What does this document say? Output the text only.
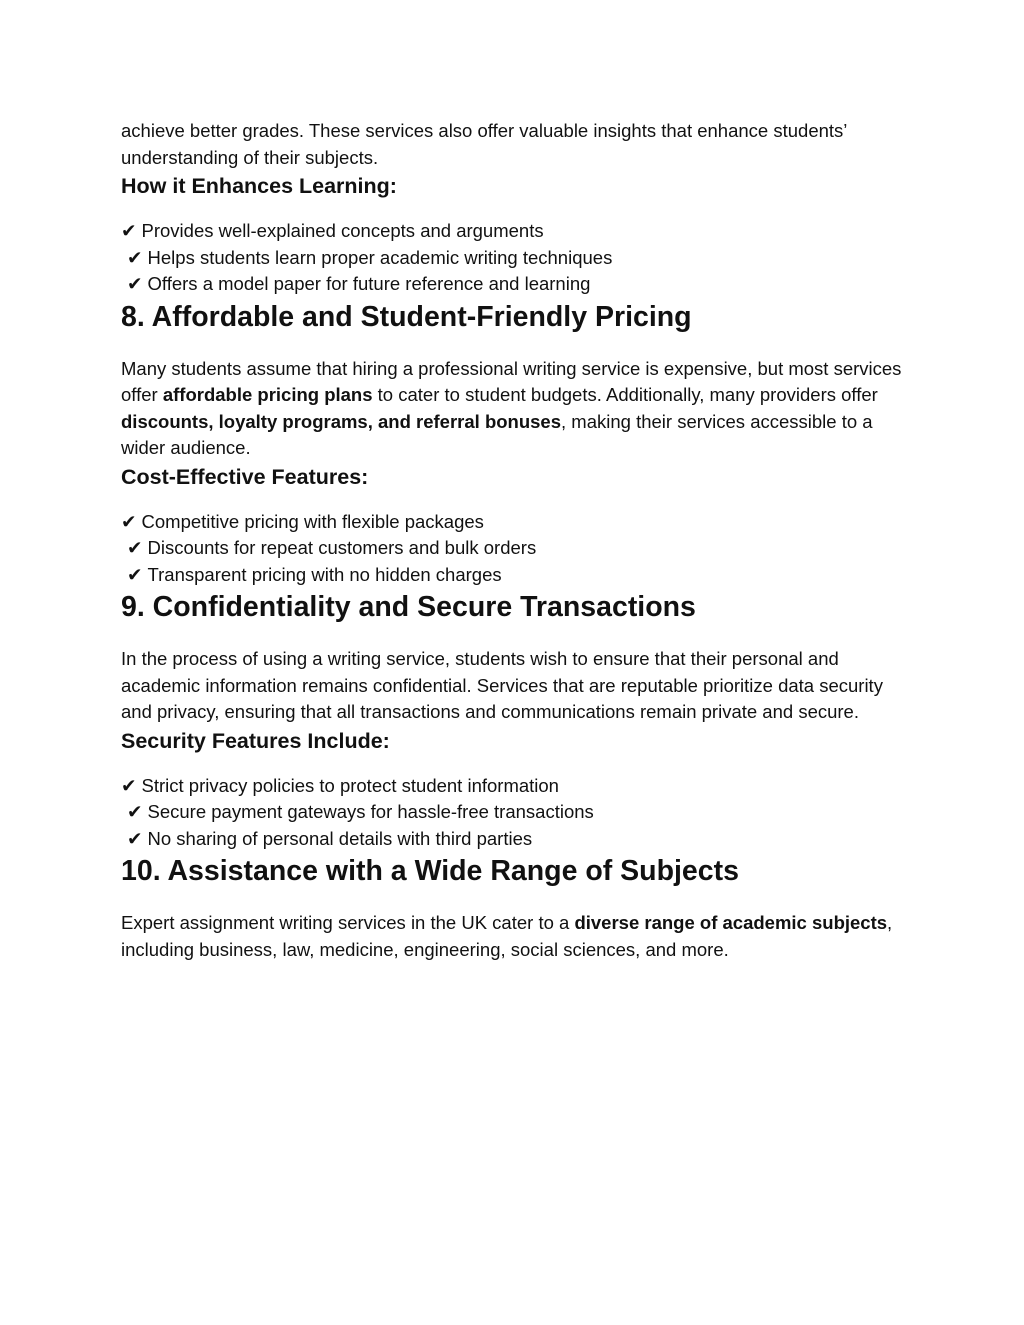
achieve better grades. These services also offer valuable insights that enhance students’ understanding of their subjects.

How it Enhances Learning:
✔ Provides well-explained concepts and arguments
✔ Helps students learn proper academic writing techniques
✔ Offers a model paper for future reference and learning
8. Affordable and Student-Friendly Pricing

Many students assume that hiring a professional writing service is expensive, but most services offer affordable pricing plans to cater to student budgets. Additionally, many providers offer discounts, loyalty programs, and referral bonuses, making their services accessible to a wider audience.

Cost-Effective Features:
✔ Competitive pricing with flexible packages
✔ Discounts for repeat customers and bulk orders
✔ Transparent pricing with no hidden charges
9. Confidentiality and Secure Transactions

In the process of using a writing service, students wish to ensure that their personal and academic information remains confidential. Services that are reputable prioritize data security and privacy, ensuring that all transactions and communications remain private and secure.

Security Features Include:
✔ Strict privacy policies to protect student information
✔ Secure payment gateways for hassle-free transactions
✔ No sharing of personal details with third parties
10. Assistance with a Wide Range of Subjects

Expert assignment writing services in the UK cater to a diverse range of academic subjects, including business, law, medicine, engineering, social sciences, and more.
